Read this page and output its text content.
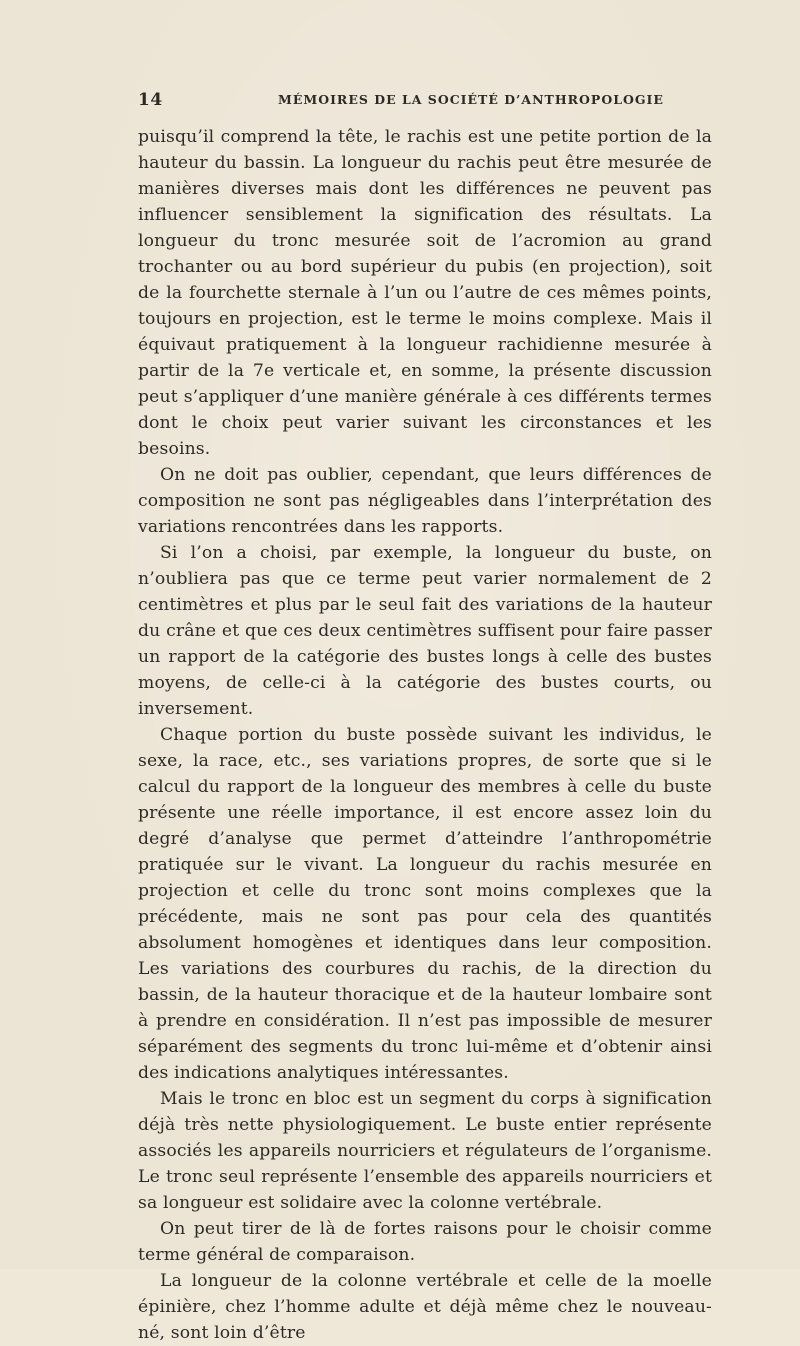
14	MÉMOIRES DE LA SOCIÉTÉ D’ANTHROPOLOGIE

puisqu’il comprend la tête, le rachis est une petite portion de la hauteur du bassin. La longueur du rachis peut être mesurée de manières diverses mais dont les différences ne peuvent pas influencer sensiblement la signification des résultats. La longueur du tronc mesurée soit de l’acromion au grand trochanter ou au bord supérieur du pubis (en projection), soit de la fourchette sternale à l’un ou l’autre de ces mêmes points, toujours en projection, est le terme le moins complexe. Mais il équivaut pratiquement à la longueur rachidienne mesurée à partir de la 7e verticale et, en somme, la présente discussion peut s’appliquer d’une manière générale à ces différents termes dont le choix peut varier suivant les circonstances et les besoins.

On ne doit pas oublier, cependant, que leurs différences de composition ne sont pas négligeables dans l’interprétation des variations rencontrées dans les rapports.

Si l’on a choisi, par exemple, la longueur du buste, on n’oubliera pas que ce terme peut varier normalement de 2 centimètres et plus par le seul fait des variations de la hauteur du crâne et que ces deux centimètres suffisent pour faire passer un rapport de la catégorie des bustes longs à celle des bustes moyens, de celle-ci à la catégorie des bustes courts, ou inversement.

Chaque portion du buste possède suivant les individus, le sexe, la race, etc., ses variations propres, de sorte que si le calcul du rapport de la longueur des membres à celle du buste présente une réelle importance, il est encore assez loin du degré d’analyse que permet d’atteindre l’anthropométrie pratiquée sur le vivant. La longueur du rachis mesurée en projection et celle du tronc sont moins complexes que la précédente, mais ne sont pas pour cela des quantités absolument homogènes et identiques dans leur composition. Les variations des courbures du rachis, de la direction du bassin, de la hauteur thoracique et de la hauteur lombaire sont à prendre en considération. Il n’est pas impossible de mesurer séparément des segments du tronc lui-même et d’obtenir ainsi des indications analytiques intéressantes.

Mais le tronc en bloc est un segment du corps à signification déjà très nette physiologiquement. Le buste entier représente associés les appareils nourriciers et régulateurs de l’organisme. Le tronc seul représente l’ensemble des appareils nourriciers et sa longueur est solidaire avec la colonne vertébrale.

On peut tirer de là de fortes raisons pour le choisir comme terme général de comparaison.

La longueur de la colonne vertébrale et celle de la moelle épinière, chez l’homme adulte et déjà même chez le nouveau-né, sont loin d’être
